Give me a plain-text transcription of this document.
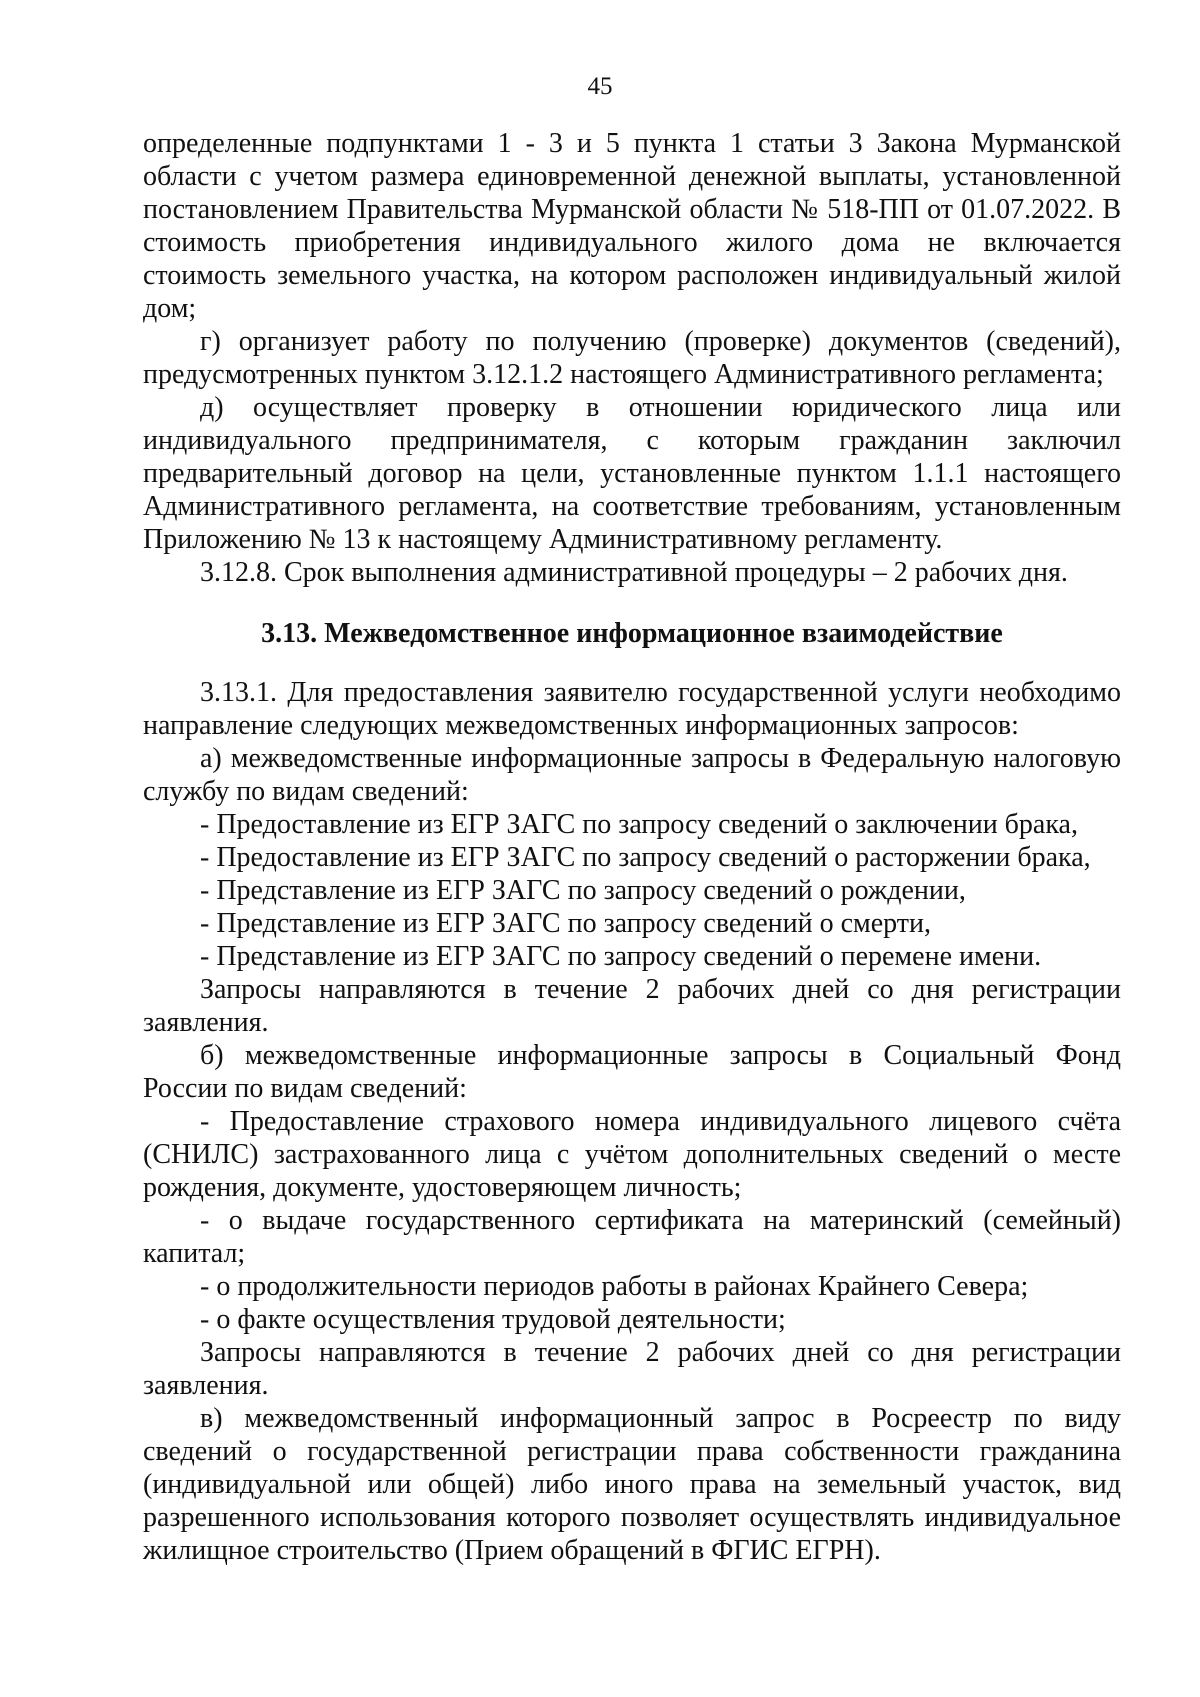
45

определенные подпунктами 1 - 3 и 5 пункта 1 статьи 3 Закона Мурманской области с учетом размера единовременной денежной выплаты, установленной постановлением Правительства Мурманской области № 518-ПП от 01.07.2022. В стоимость приобретения индивидуального жилого дома не включается стоимость земельного участка, на котором расположен индивидуальный жилой дом;

г) организует работу по получению (проверке) документов (сведений), предусмотренных пунктом 3.12.1.2 настоящего Административного регламента;

д) осуществляет проверку в отношении юридического лица или индивидуального предпринимателя, с которым гражданин заключил предварительный договор на цели, установленные пунктом 1.1.1 настоящего Административного регламента, на соответствие требованиям, установленным Приложению № 13 к настоящему Административному регламенту.

3.12.8. Срок выполнения административной процедуры – 2 рабочих дня.

3.13. Межведомственное информационное взаимодействие

3.13.1. Для предоставления заявителю государственной услуги необходимо направление следующих межведомственных информационных запросов:

а) межведомственные информационные запросы в Федеральную налоговую службу по видам сведений:

- Предоставление из ЕГР ЗАГС по запросу сведений о заключении брака,

- Предоставление из ЕГР ЗАГС по запросу сведений о расторжении брака,

- Представление из ЕГР ЗАГС по запросу сведений о рождении,

- Представление из ЕГР ЗАГС по запросу сведений о смерти,

- Представление из ЕГР ЗАГС по запросу сведений о перемене имени.

Запросы направляются в течение 2 рабочих дней со дня регистрации заявления.

б) межведомственные информационные запросы в Социальный Фонд России по видам сведений:

- Предоставление страхового номера индивидуального лицевого счёта (СНИЛС) застрахованного лица с учётом дополнительных сведений о месте рождения, документе, удостоверяющем личность;

- о выдаче государственного сертификата на материнский (семейный) капитал;

- о продолжительности периодов работы в районах Крайнего Севера;

- о факте осуществления трудовой деятельности;

Запросы направляются в течение 2 рабочих дней со дня регистрации заявления.

в) межведомственный информационный запрос в Росреестр по виду сведений о государственной регистрации права собственности гражданина (индивидуальной или общей) либо иного права на земельный участок, вид разрешенного использования которого позволяет осуществлять индивидуальное жилищное строительство (Прием обращений в ФГИС ЕГРН).
